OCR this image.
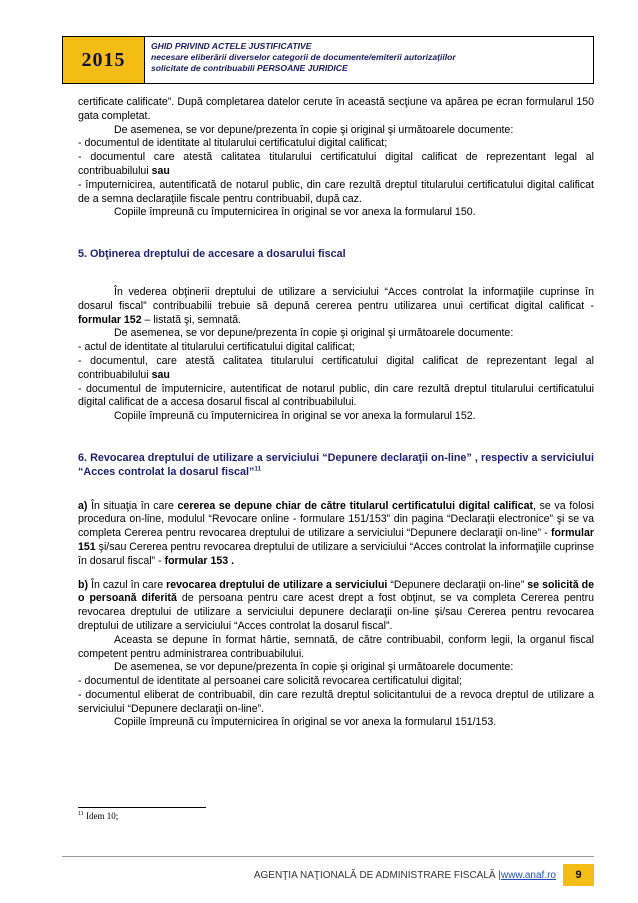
2015
GHID PRIVIND ACTELE JUSTIFICATIVE
necesare eliberării diverselor categorii de documente/emiterii autorizaţiilor
solicitate de contribuabili PERSOANE JURIDICE

certificate calificate”. După completarea datelor cerute în această secţiune va apărea pe ecran formularul 150 gata completat.

De asemenea, se vor depune/prezenta în copie şi original şi următoarele documente:

- documentul de identitate al titularului certificatului digital calificat;

- documentul care atestă calitatea titularului certificatului digital calificat de reprezentant legal al contribuabilului sau

- împuternicirea, autentificată de notarul public, din care rezultă dreptul titularului certificatului digital calificat de a semna declaraţiile fiscale pentru contribuabil, după caz.

Copiile împreună cu împuternicirea în original se vor anexa la formularul 150.

5. Obţinerea dreptului de accesare a dosarului fiscal

În vederea obţinerii dreptului de utilizare a serviciului “Acces controlat la informaţiile cuprinse în dosarul fiscal” contribuabilii trebuie să depună cererea pentru utilizarea unui certificat digital calificat - formular 152 – listată şi, semnată.

De asemenea, se vor depune/prezenta în copie şi original şi următoarele documente:

- actul de identitate al titularului certificatului digital calificat;

- documentul, care atestă calitatea titularului certificatului digital calificat de reprezentant legal al contribuabilului sau

- documentul de împuternicire, autentificat de notarul public, din care rezultă dreptul titularului certificatului digital calificat de a accesa dosarul fiscal al contribuabilului.

Copiile împreună cu împuternicirea în original se vor anexa la formularul 152.

6. Revocarea dreptului de utilizare a serviciului “Depunere declaraţii on-line” , respectiv a serviciului “Acces controlat la dosarul fiscal”$^{11}$

a) În situaţia în care cererea se depune chiar de către titularul certificatului digital calificat, se va folosi procedura on-line, modulul “Revocare online - formulare 151/153” din pagina “Declaraţii electronice” şi se va completa Cererea pentru revocarea dreptului de utilizare a serviciului “Depunere declaraţii on-line” - formular 151 şi/sau Cererea pentru revocarea dreptului de utilizare a serviciului “Acces controlat la informaţiile cuprinse în dosarul fiscal” - formular 153 .

b) În cazul în care revocarea dreptului de utilizare a serviciului “Depunere declaraţii on-line” se solicită de o persoană diferită de persoana pentru care acest drept a fost obţinut, se va completa Cererea pentru revocarea dreptului de utilizare a serviciului depunere declaraţii on-line şi/sau Cererea pentru revocarea dreptului de utilizare a serviciului “Acces controlat la dosarul fiscal”.

Aceasta se depune în format hârtie, semnată, de către contribuabil, conform legii, la organul fiscal competent pentru administrarea contribuabilului.

De asemenea, se vor depune/prezenta în copie şi original şi următoarele documente:

- documentul de identitate al persoanei care solicită revocarea certificatului digital;

- documentul eliberat de contribuabil, din care rezultă dreptul solicitantului de a revoca dreptul de utilizare a serviciului “Depunere declaraţii on-line”.

Copiile împreună cu împuternicirea în original se vor anexa la formularul 151/153.

$^{11}$ Idem 10;
AGENŢIA NAŢIONALĂ DE ADMINISTRARE FISCALĂ |www.anaf.ro	9
